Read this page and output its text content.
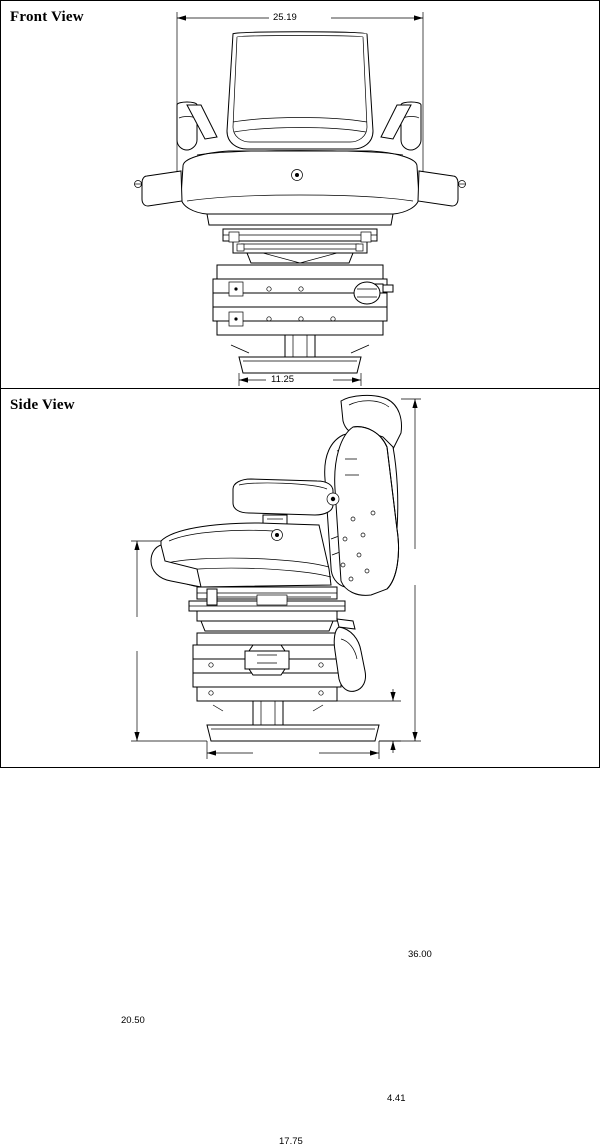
Front View	25.19
11.25
Side View
36.00
20.50
4.41
17.75
